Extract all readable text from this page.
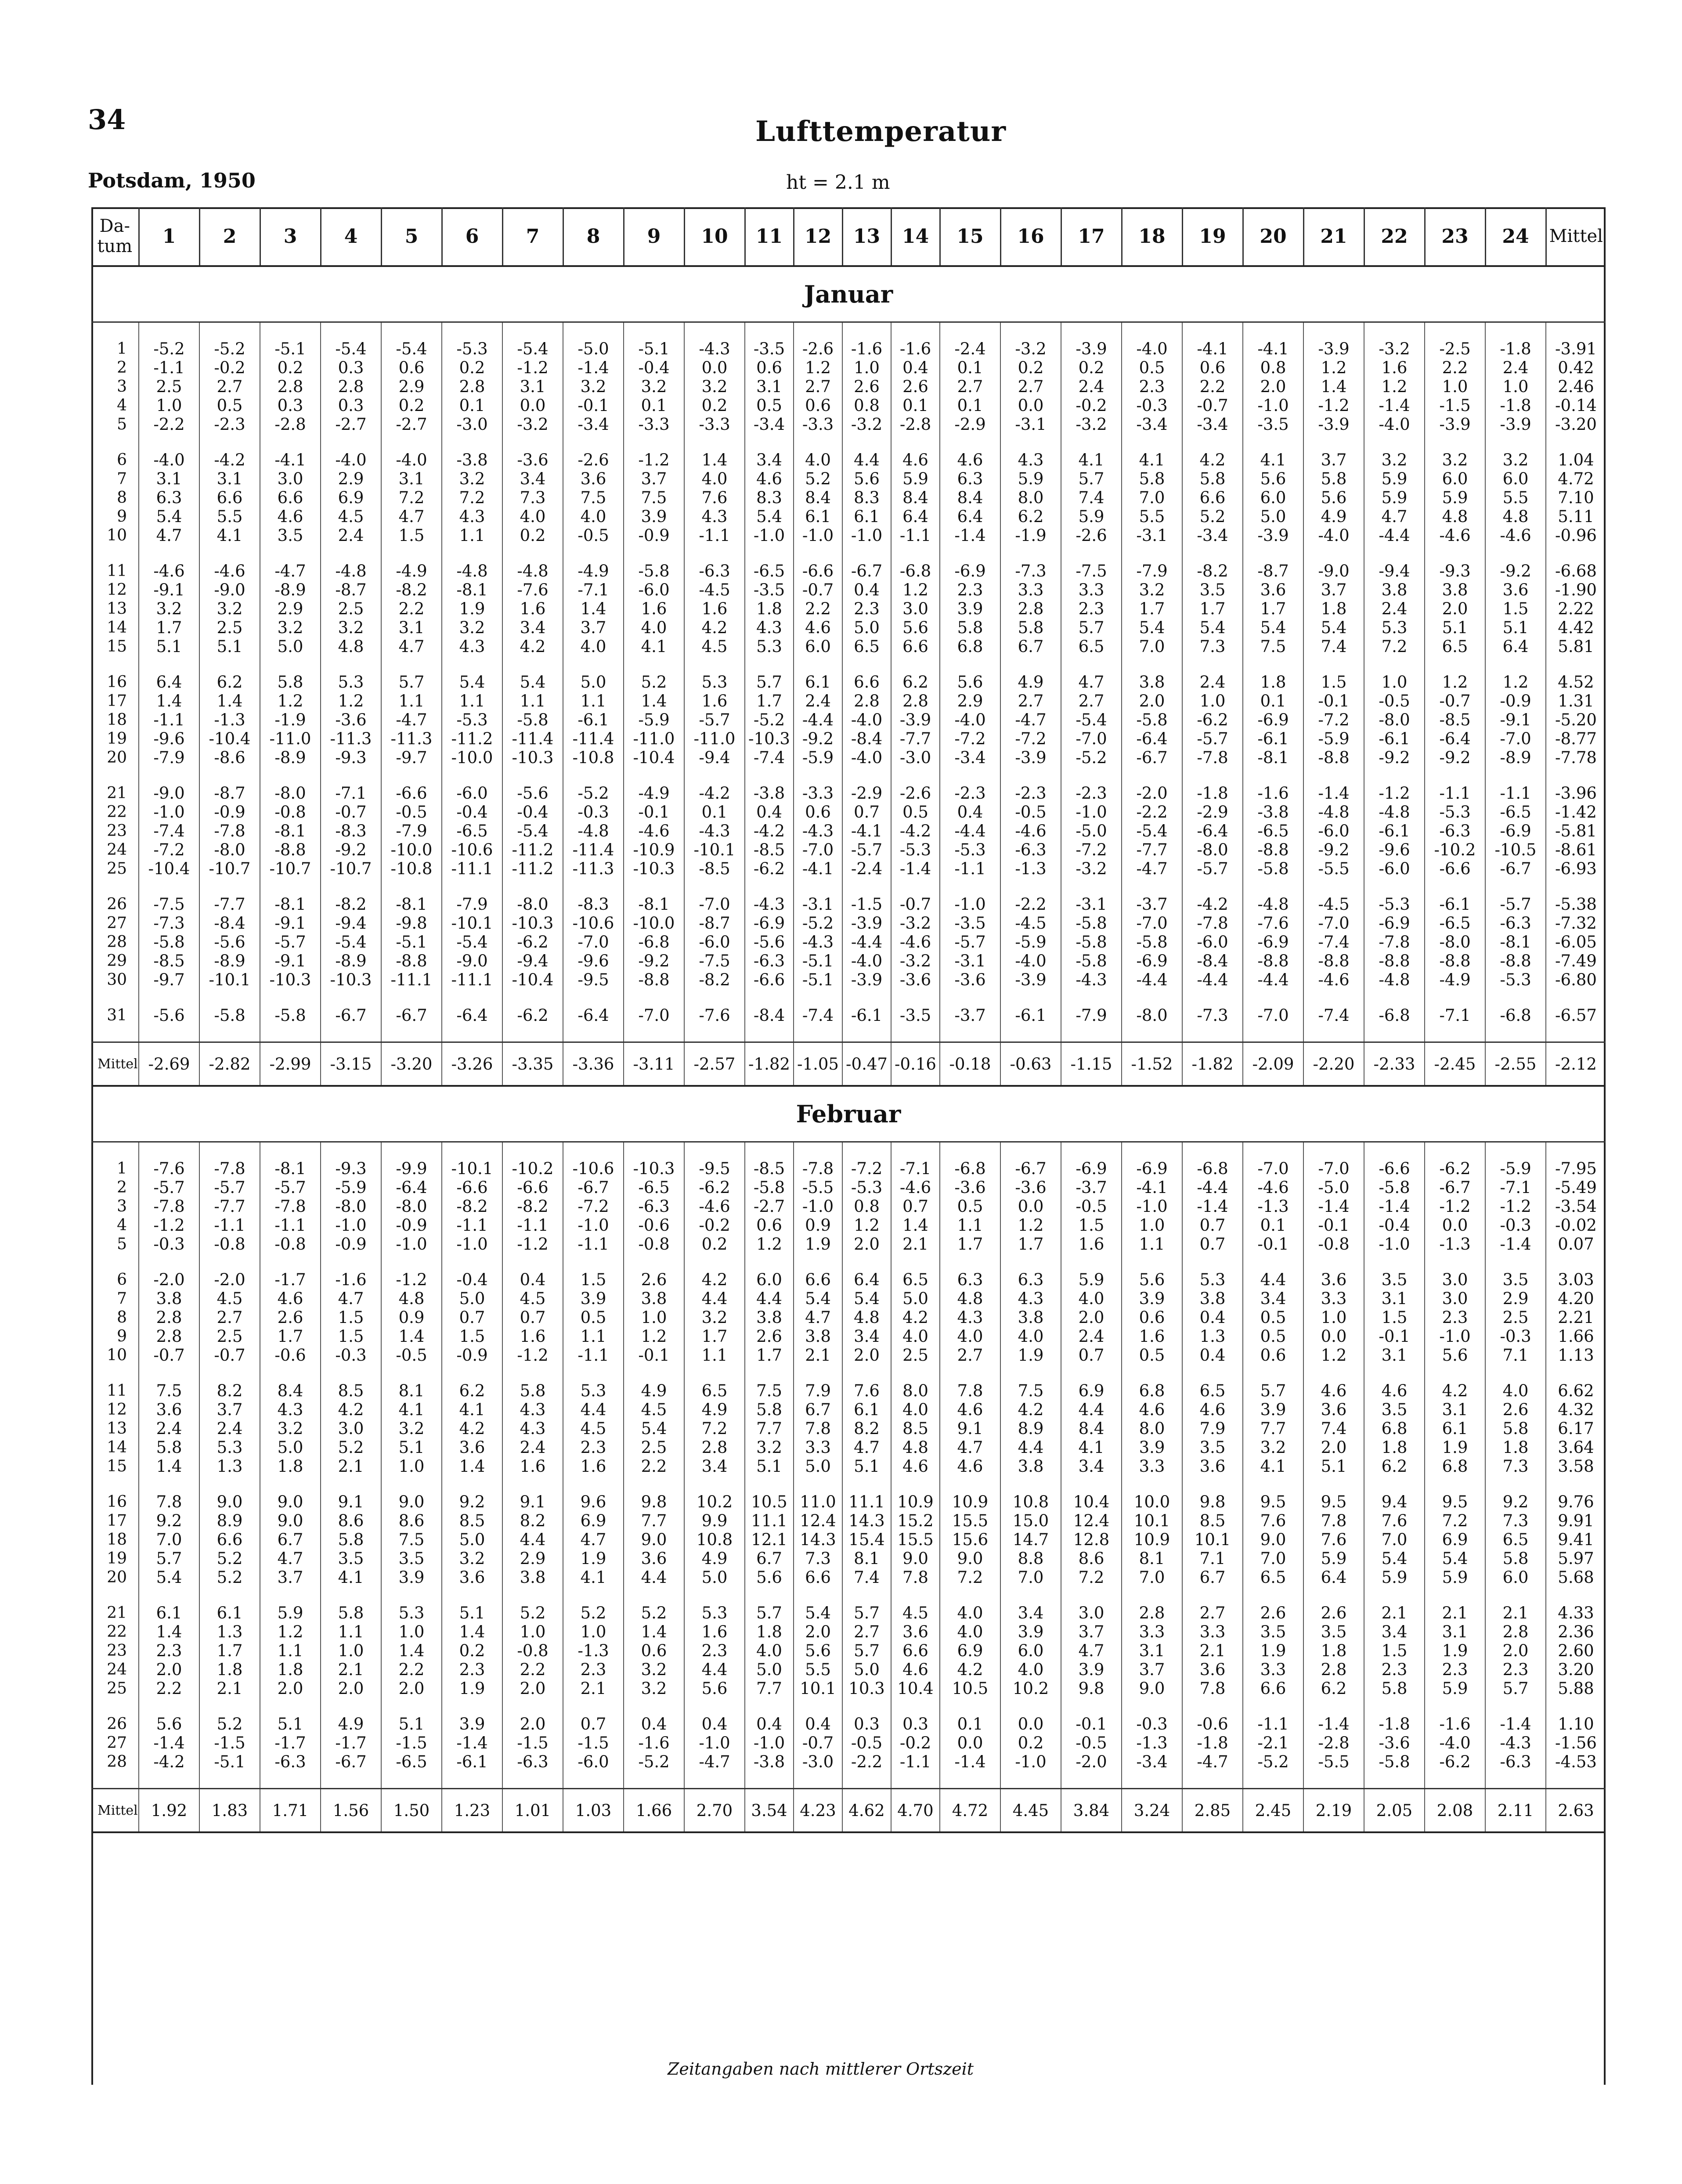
34	Lufttemperatur
Potsdam, 1950	ht = 2.1 m
Da- tum	1	2	3	4	5	6	7	8	9	10	11	12	13	14	15	16	17	18	19	20	21	22	23	24	Mittel
Januar																									

1	-5.2	-5.2	-5.1	-5.4	-5.4	-5.3	-5.4	-5.0	-5.1	-4.3	-3.5	-2.6	-1.6	-1.6	-2.4	-3.2	-3.9	-4.0	-4.1	-4.1	-3.9	-3.2	-2.5	-1.8	-3.91
2	-1.1	-0.2	0.2	0.3	0.6	0.2	-1.2	-1.4	-0.4	0.0	0.6	1.2	1.0	0.4	0.1	0.2	0.2	0.5	0.6	0.8	1.2	1.6	2.2	2.4	0.42
3	2.5	2.7	2.8	2.8	2.9	2.8	3.1	3.2	3.2	3.2	3.1	2.7	2.6	2.6	2.7	2.7	2.4	2.3	2.2	2.0	1.4	1.2	1.0	1.0	2.46
4	1.0	0.5	0.3	0.3	0.2	0.1	0.0	-0.1	0.1	0.2	0.5	0.6	0.8	0.1	0.1	0.0	-0.2	-0.3	-0.7	-1.0	-1.2	-1.4	-1.5	-1.8	-0.14
5	-2.2	-2.3	-2.8	-2.7	-2.7	-3.0	-3.2	-3.4	-3.3	-3.3	-3.4	-3.3	-3.2	-2.8	-2.9	-3.1	-3.2	-3.4	-3.4	-3.5	-3.9	-4.0	-3.9	-3.9	-3.20

6	-4.0	-4.2	-4.1	-4.0	-4.0	-3.8	-3.6	-2.6	-1.2	1.4	3.4	4.0	4.4	4.6	4.6	4.3	4.1	4.1	4.2	4.1	3.7	3.2	3.2	3.2	1.04
7	3.1	3.1	3.0	2.9	3.1	3.2	3.4	3.6	3.7	4.0	4.6	5.2	5.6	5.9	6.3	5.9	5.7	5.8	5.8	5.6	5.8	5.9	6.0	6.0	4.72
8	6.3	6.6	6.6	6.9	7.2	7.2	7.3	7.5	7.5	7.6	8.3	8.4	8.3	8.4	8.4	8.0	7.4	7.0	6.6	6.0	5.6	5.9	5.9	5.5	7.10
9	5.4	5.5	4.6	4.5	4.7	4.3	4.0	4.0	3.9	4.3	5.4	6.1	6.1	6.4	6.4	6.2	5.9	5.5	5.2	5.0	4.9	4.7	4.8	4.8	5.11
10	4.7	4.1	3.5	2.4	1.5	1.1	0.2	-0.5	-0.9	-1.1	-1.0	-1.0	-1.0	-1.1	-1.4	-1.9	-2.6	-3.1	-3.4	-3.9	-4.0	-4.4	-4.6	-4.6	-0.96

11	-4.6	-4.6	-4.7	-4.8	-4.9	-4.8	-4.8	-4.9	-5.8	-6.3	-6.5	-6.6	-6.7	-6.8	-6.9	-7.3	-7.5	-7.9	-8.2	-8.7	-9.0	-9.4	-9.3	-9.2	-6.68
12	-9.1	-9.0	-8.9	-8.7	-8.2	-8.1	-7.6	-7.1	-6.0	-4.5	-3.5	-0.7	0.4	1.2	2.3	3.3	3.3	3.2	3.5	3.6	3.7	3.8	3.8	3.6	-1.90
13	3.2	3.2	2.9	2.5	2.2	1.9	1.6	1.4	1.6	1.6	1.8	2.2	2.3	3.0	3.9	2.8	2.3	1.7	1.7	1.7	1.8	2.4	2.0	1.5	2.22
14	1.7	2.5	3.2	3.2	3.1	3.2	3.4	3.7	4.0	4.2	4.3	4.6	5.0	5.6	5.8	5.8	5.7	5.4	5.4	5.4	5.4	5.3	5.1	5.1	4.42
15	5.1	5.1	5.0	4.8	4.7	4.3	4.2	4.0	4.1	4.5	5.3	6.0	6.5	6.6	6.8	6.7	6.5	7.0	7.3	7.5	7.4	7.2	6.5	6.4	5.81

16	6.4	6.2	5.8	5.3	5.7	5.4	5.4	5.0	5.2	5.3	5.7	6.1	6.6	6.2	5.6	4.9	4.7	3.8	2.4	1.8	1.5	1.0	1.2	1.2	4.52
17	1.4	1.4	1.2	1.2	1.1	1.1	1.1	1.1	1.4	1.6	1.7	2.4	2.8	2.8	2.9	2.7	2.7	2.0	1.0	0.1	-0.1	-0.5	-0.7	-0.9	1.31
18	-1.1	-1.3	-1.9	-3.6	-4.7	-5.3	-5.8	-6.1	-5.9	-5.7	-5.2	-4.4	-4.0	-3.9	-4.0	-4.7	-5.4	-5.8	-6.2	-6.9	-7.2	-8.0	-8.5	-9.1	-5.20
19	-9.6	-10.4	-11.0	-11.3	-11.3	-11.2	-11.4	-11.4	-11.0	-11.0	-10.3	-9.2	-8.4	-7.7	-7.2	-7.2	-7.0	-6.4	-5.7	-6.1	-5.9	-6.1	-6.4	-7.0	-8.77
20	-7.9	-8.6	-8.9	-9.3	-9.7	-10.0	-10.3	-10.8	-10.4	-9.4	-7.4	-5.9	-4.0	-3.0	-3.4	-3.9	-5.2	-6.7	-7.8	-8.1	-8.8	-9.2	-9.2	-8.9	-7.78

21	-9.0	-8.7	-8.0	-7.1	-6.6	-6.0	-5.6	-5.2	-4.9	-4.2	-3.8	-3.3	-2.9	-2.6	-2.3	-2.3	-2.3	-2.0	-1.8	-1.6	-1.4	-1.2	-1.1	-1.1	-3.96
22	-1.0	-0.9	-0.8	-0.7	-0.5	-0.4	-0.4	-0.3	-0.1	0.1	0.4	0.6	0.7	0.5	0.4	-0.5	-1.0	-2.2	-2.9	-3.8	-4.8	-4.8	-5.3	-6.5	-1.42
23	-7.4	-7.8	-8.1	-8.3	-7.9	-6.5	-5.4	-4.8	-4.6	-4.3	-4.2	-4.3	-4.1	-4.2	-4.4	-4.6	-5.0	-5.4	-6.4	-6.5	-6.0	-6.1	-6.3	-6.9	-5.81
24	-7.2	-8.0	-8.8	-9.2	-10.0	-10.6	-11.2	-11.4	-10.9	-10.1	-8.5	-7.0	-5.7	-5.3	-5.3	-6.3	-7.2	-7.7	-8.0	-8.8	-9.2	-9.6	-10.2	-10.5	-8.61
25	-10.4	-10.7	-10.7	-10.7	-10.8	-11.1	-11.2	-11.3	-10.3	-8.5	-6.2	-4.1	-2.4	-1.4	-1.1	-1.3	-3.2	-4.7	-5.7	-5.8	-5.5	-6.0	-6.6	-6.7	-6.93

26	-7.5	-7.7	-8.1	-8.2	-8.1	-7.9	-8.0	-8.3	-8.1	-7.0	-4.3	-3.1	-1.5	-0.7	-1.0	-2.2	-3.1	-3.7	-4.2	-4.8	-4.5	-5.3	-6.1	-5.7	-5.38
27	-7.3	-8.4	-9.1	-9.4	-9.8	-10.1	-10.3	-10.6	-10.0	-8.7	-6.9	-5.2	-3.9	-3.2	-3.5	-4.5	-5.8	-7.0	-7.8	-7.6	-7.0	-6.9	-6.5	-6.3	-7.32
28	-5.8	-5.6	-5.7	-5.4	-5.1	-5.4	-6.2	-7.0	-6.8	-6.0	-5.6	-4.3	-4.4	-4.6	-5.7	-5.9	-5.8	-5.8	-6.0	-6.9	-7.4	-7.8	-8.0	-8.1	-6.05
29	-8.5	-8.9	-9.1	-8.9	-8.8	-9.0	-9.4	-9.6	-9.2	-7.5	-6.3	-5.1	-4.0	-3.2	-3.1	-4.0	-5.8	-6.9	-8.4	-8.8	-8.8	-8.8	-8.8	-8.8	-7.49
30	-9.7	-10.1	-10.3	-10.3	-11.1	-11.1	-10.4	-9.5	-8.8	-8.2	-6.6	-5.1	-3.9	-3.6	-3.6	-3.9	-4.3	-4.4	-4.4	-4.4	-4.6	-4.8	-4.9	-5.3	-6.80

31	-5.6	-5.8	-5.8	-6.7	-6.7	-6.4	-6.2	-6.4	-7.0	-7.6	-8.4	-7.4	-6.1	-3.5	-3.7	-6.1	-7.9	-8.0	-7.3	-7.0	-7.4	-6.8	-7.1	-6.8	-6.57

Mittel	-2.69	-2.82	-2.99	-3.15	-3.20	-3.26	-3.35	-3.36	-3.11	-2.57	-1.82	-1.05	-0.47	-0.16	-0.18	-0.63	-1.15	-1.52	-1.82	-2.09	-2.20	-2.33	-2.45	-2.55	-2.12
Februar																									

1	-7.6	-7.8	-8.1	-9.3	-9.9	-10.1	-10.2	-10.6	-10.3	-9.5	-8.5	-7.8	-7.2	-7.1	-6.8	-6.7	-6.9	-6.9	-6.8	-7.0	-7.0	-6.6	-6.2	-5.9	-7.95
2	-5.7	-5.7	-5.7	-5.9	-6.4	-6.6	-6.6	-6.7	-6.5	-6.2	-5.8	-5.5	-5.3	-4.6	-3.6	-3.6	-3.7	-4.1	-4.4	-4.6	-5.0	-5.8	-6.7	-7.1	-5.49
3	-7.8	-7.7	-7.8	-8.0	-8.0	-8.2	-8.2	-7.2	-6.3	-4.6	-2.7	-1.0	0.8	0.7	0.5	0.0	-0.5	-1.0	-1.4	-1.3	-1.4	-1.4	-1.2	-1.2	-3.54
4	-1.2	-1.1	-1.1	-1.0	-0.9	-1.1	-1.1	-1.0	-0.6	-0.2	0.6	0.9	1.2	1.4	1.1	1.2	1.5	1.0	0.7	0.1	-0.1	-0.4	0.0	-0.3	-0.02
5	-0.3	-0.8	-0.8	-0.9	-1.0	-1.0	-1.2	-1.1	-0.8	0.2	1.2	1.9	2.0	2.1	1.7	1.7	1.6	1.1	0.7	-0.1	-0.8	-1.0	-1.3	-1.4	0.07

6	-2.0	-2.0	-1.7	-1.6	-1.2	-0.4	0.4	1.5	2.6	4.2	6.0	6.6	6.4	6.5	6.3	6.3	5.9	5.6	5.3	4.4	3.6	3.5	3.0	3.5	3.03
7	3.8	4.5	4.6	4.7	4.8	5.0	4.5	3.9	3.8	4.4	4.4	5.4	5.4	5.0	4.8	4.3	4.0	3.9	3.8	3.4	3.3	3.1	3.0	2.9	4.20
8	2.8	2.7	2.6	1.5	0.9	0.7	0.7	0.5	1.0	3.2	3.8	4.7	4.8	4.2	4.3	3.8	2.0	0.6	0.4	0.5	1.0	1.5	2.3	2.5	2.21
9	2.8	2.5	1.7	1.5	1.4	1.5	1.6	1.1	1.2	1.7	2.6	3.8	3.4	4.0	4.0	4.0	2.4	1.6	1.3	0.5	0.0	-0.1	-1.0	-0.3	1.66
10	-0.7	-0.7	-0.6	-0.3	-0.5	-0.9	-1.2	-1.1	-0.1	1.1	1.7	2.1	2.0	2.5	2.7	1.9	0.7	0.5	0.4	0.6	1.2	3.1	5.6	7.1	1.13

11	7.5	8.2	8.4	8.5	8.1	6.2	5.8	5.3	4.9	6.5	7.5	7.9	7.6	8.0	7.8	7.5	6.9	6.8	6.5	5.7	4.6	4.6	4.2	4.0	6.62
12	3.6	3.7	4.3	4.2	4.1	4.1	4.3	4.4	4.5	4.9	5.8	6.7	6.1	4.0	4.6	4.2	4.4	4.6	4.6	3.9	3.6	3.5	3.1	2.6	4.32
13	2.4	2.4	3.2	3.0	3.2	4.2	4.3	4.5	5.4	7.2	7.7	7.8	8.2	8.5	9.1	8.9	8.4	8.0	7.9	7.7	7.4	6.8	6.1	5.8	6.17
14	5.8	5.3	5.0	5.2	5.1	3.6	2.4	2.3	2.5	2.8	3.2	3.3	4.7	4.8	4.7	4.4	4.1	3.9	3.5	3.2	2.0	1.8	1.9	1.8	3.64
15	1.4	1.3	1.8	2.1	1.0	1.4	1.6	1.6	2.2	3.4	5.1	5.0	5.1	4.6	4.6	3.8	3.4	3.3	3.6	4.1	5.1	6.2	6.8	7.3	3.58

16	7.8	9.0	9.0	9.1	9.0	9.2	9.1	9.6	9.8	10.2	10.5	11.0	11.1	10.9	10.9	10.8	10.4	10.0	9.8	9.5	9.5	9.4	9.5	9.2	9.76
17	9.2	8.9	9.0	8.6	8.6	8.5	8.2	6.9	7.7	9.9	11.1	12.4	14.3	15.2	15.5	15.0	12.4	10.1	8.5	7.6	7.8	7.6	7.2	7.3	9.91
18	7.0	6.6	6.7	5.8	7.5	5.0	4.4	4.7	9.0	10.8	12.1	14.3	15.4	15.5	15.6	14.7	12.8	10.9	10.1	9.0	7.6	7.0	6.9	6.5	9.41
19	5.7	5.2	4.7	3.5	3.5	3.2	2.9	1.9	3.6	4.9	6.7	7.3	8.1	9.0	9.0	8.8	8.6	8.1	7.1	7.0	5.9	5.4	5.4	5.8	5.97
20	5.4	5.2	3.7	4.1	3.9	3.6	3.8	4.1	4.4	5.0	5.6	6.6	7.4	7.8	7.2	7.0	7.2	7.0	6.7	6.5	6.4	5.9	5.9	6.0	5.68

21	6.1	6.1	5.9	5.8	5.3	5.1	5.2	5.2	5.2	5.3	5.7	5.4	5.7	4.5	4.0	3.4	3.0	2.8	2.7	2.6	2.6	2.1	2.1	2.1	4.33
22	1.4	1.3	1.2	1.1	1.0	1.4	1.0	1.0	1.4	1.6	1.8	2.0	2.7	3.6	4.0	3.9	3.7	3.3	3.3	3.5	3.5	3.4	3.1	2.8	2.36
23	2.3	1.7	1.1	1.0	1.4	0.2	-0.8	-1.3	0.6	2.3	4.0	5.6	5.7	6.6	6.9	6.0	4.7	3.1	2.1	1.9	1.8	1.5	1.9	2.0	2.60
24	2.0	1.8	1.8	2.1	2.2	2.3	2.2	2.3	3.2	4.4	5.0	5.5	5.0	4.6	4.2	4.0	3.9	3.7	3.6	3.3	2.8	2.3	2.3	2.3	3.20
25	2.2	2.1	2.0	2.0	2.0	1.9	2.0	2.1	3.2	5.6	7.7	10.1	10.3	10.4	10.5	10.2	9.8	9.0	7.8	6.6	6.2	5.8	5.9	5.7	5.88

26	5.6	5.2	5.1	4.9	5.1	3.9	2.0	0.7	0.4	0.4	0.4	0.4	0.3	0.3	0.1	0.0	-0.1	-0.3	-0.6	-1.1	-1.4	-1.8	-1.6	-1.4	1.10
27	-1.4	-1.5	-1.7	-1.7	-1.5	-1.4	-1.5	-1.5	-1.6	-1.0	-1.0	-0.7	-0.5	-0.2	0.0	0.2	-0.5	-1.3	-1.8	-2.1	-2.8	-3.6	-4.0	-4.3	-1.56
28	-4.2	-5.1	-6.3	-6.7	-6.5	-6.1	-6.3	-6.0	-5.2	-4.7	-3.8	-3.0	-2.2	-1.1	-1.4	-1.0	-2.0	-3.4	-4.7	-5.2	-5.5	-5.8	-6.2	-6.3	-4.53

Mittel	1.92	1.83	1.71	1.56	1.50	1.23	1.01	1.03	1.66	2.70	3.54	4.23	4.62	4.70	4.72	4.45	3.84	3.24	2.85	2.45	2.19	2.05	2.08	2.11	2.63
Zeitangaben nach mittlerer Ortszeit
